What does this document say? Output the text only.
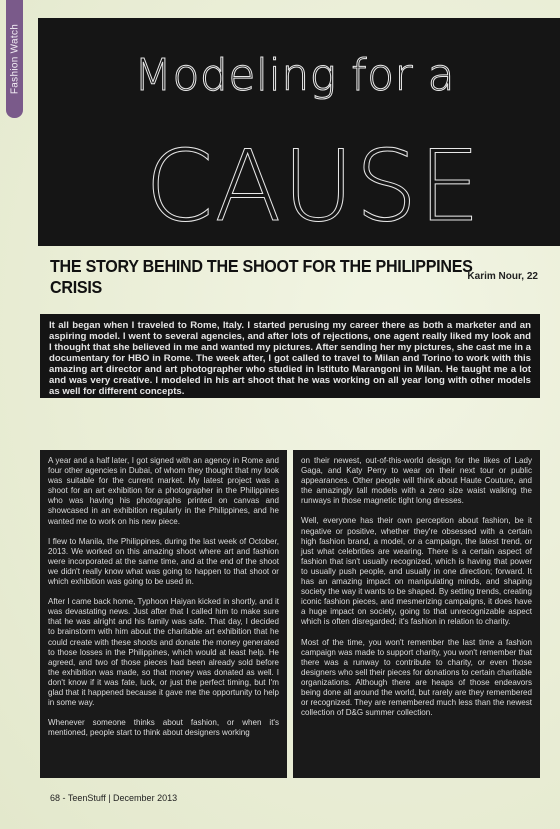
Fashion Watch	Modeling for a
CAUSE
THE STORY BEHIND THE SHOOT FOR THE PHILIPPINES CRISIS
Karim Nour, 22
It all began when I traveled to Rome, Italy. I started perusing my career there as both a marketer and an aspiring model. I went to several agencies, and after lots of rejections, one agent really liked my look and I thought that she believed in me and wanted my pictures. After sending her my pictures, she cast me in a documentary for HBO in Rome. The week after, I got called to travel to Milan and Torino to work with this amazing art director and art photographer who studied in Istituto Marangoni in Milan. He taught me a lot and was very creative. I modeled in his art shoot that he was working on all year long with other models as well for different concepts.

A year and a half later, I got signed with an agency in Rome and four other agencies in Dubai, of whom they thought that my look was suitable for the current market. My latest project was a shoot for an art exhibition for a photographer in the Philippines who was having his photographs printed on canvas and showcased in an exhibition regularly in the Philippines, and he wanted me to work on his new piece.

I flew to Manila, the Philippines, during the last week of October, 2013. We worked on this amazing shoot where art and fashion were incorporated at the same time, and at the end of the shoot we didn't really know what was going to happen to that shoot or which exhibition was going to be used in.

After I came back home, Typhoon Haiyan kicked in shortly, and it was devastating news. Just after that I called him to make sure that he was alright and his family was safe. That day, I decided to brainstorm with him about the charitable art exhibition that he could create with these shoots and donate the money generated to those losses in the Philippines, which would at least help. He agreed, and two of those pieces had been already sold before the exhibition was made, so that money was donated as well. I don't know if it was fate, luck, or just the perfect timing, but I'm glad that it happened because it gave me the opportunity to help in some way.

Whenever someone thinks about fashion, or when it's mentioned, people start to think about designers working

on their newest, out-of-this-world design for the likes of Lady Gaga, and Katy Perry to wear on their next tour or public appearances. Other people will think about Haute Couture, and the amazingly tall models with a zero size waist walking the runways in those magnetic tight long dresses.

Well, everyone has their own perception about fashion, be it negative or positive, whether they're obsessed with a certain high fashion brand, a model, or a campaign, the latest trend, or just what celebrities are wearing. There is a certain aspect of fashion that isn't usually recognized, which is having that power to usually push people, and usually in one direction; forward. It has an amazing impact on manipulating minds, and shaping society the way it wants to be shaped. By setting trends, creating iconic fashion pieces, and mesmerizing campaigns, it does have a huge impact on society, going to that unrecognizable aspect which is often disregarded; it's fashion in relation to charity.

Most of the time, you won't remember the last time a fashion campaign was made to support charity, you won't remember that there was a runway to contribute to charity, or even those designers who sell their pieces for donations to certain charitable organizations. Although there are heaps of those endeavors being done all around the world, but rarely are they remembered or recognized. They are remembered much less than the newest collection of D&G summer collection.

68 - TeenStuff | December 2013
